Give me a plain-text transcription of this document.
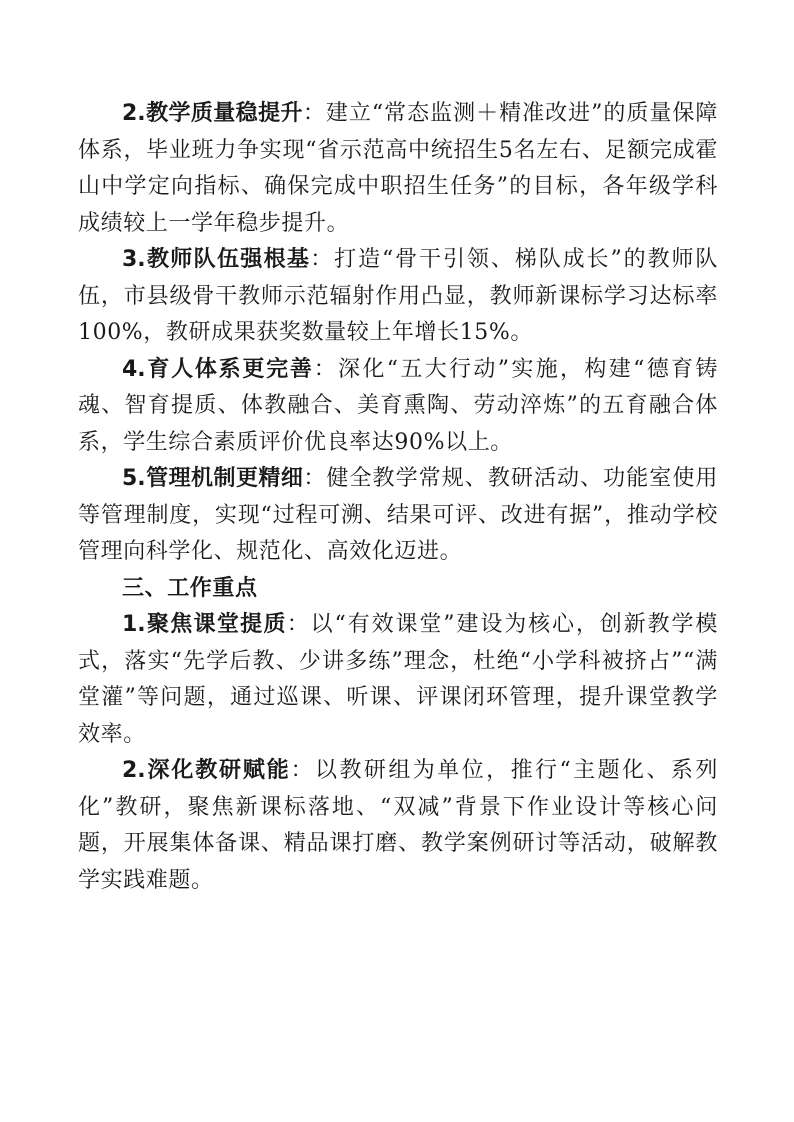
2.教学质量稳提升：建立“常态监测＋精准改进”的质量保障体系，毕业班力争实现“省示范高中统招生5名左右、足额完成霍山中学定向指标、确保完成中职招生任务”的目标，各年级学科成绩较上一学年稳步提升。

3.教师队伍强根基：打造“骨干引领、梯队成长”的教师队伍，市县级骨干教师示范辐射作用凸显，教师新课标学习达标率100%，教研成果获奖数量较上年增长15%。

4.育人体系更完善：深化“五大行动”实施，构建“德育铸魂、智育提质、体教融合、美育熏陶、劳动淬炼”的五育融合体系，学生综合素质评价优良率达90%以上。

5.管理机制更精细：健全教学常规、教研活动、功能室使用等管理制度，实现“过程可溯、结果可评、改进有据”，推动学校管理向科学化、规范化、高效化迈进。

三、工作重点

1.聚焦课堂提质：以“有效课堂”建设为核心，创新教学模式，落实“先学后教、少讲多练”理念，杜绝“小学科被挤占”“满堂灌”等问题，通过巡课、听课、评课闭环管理，提升课堂教学效率。

2.深化教研赋能：以教研组为单位，推行“主题化、系列化”教研，聚焦新课标落地、“双减”背景下作业设计等核心问题，开展集体备课、精品课打磨、教学案例研讨等活动，破解教学实践难题。
